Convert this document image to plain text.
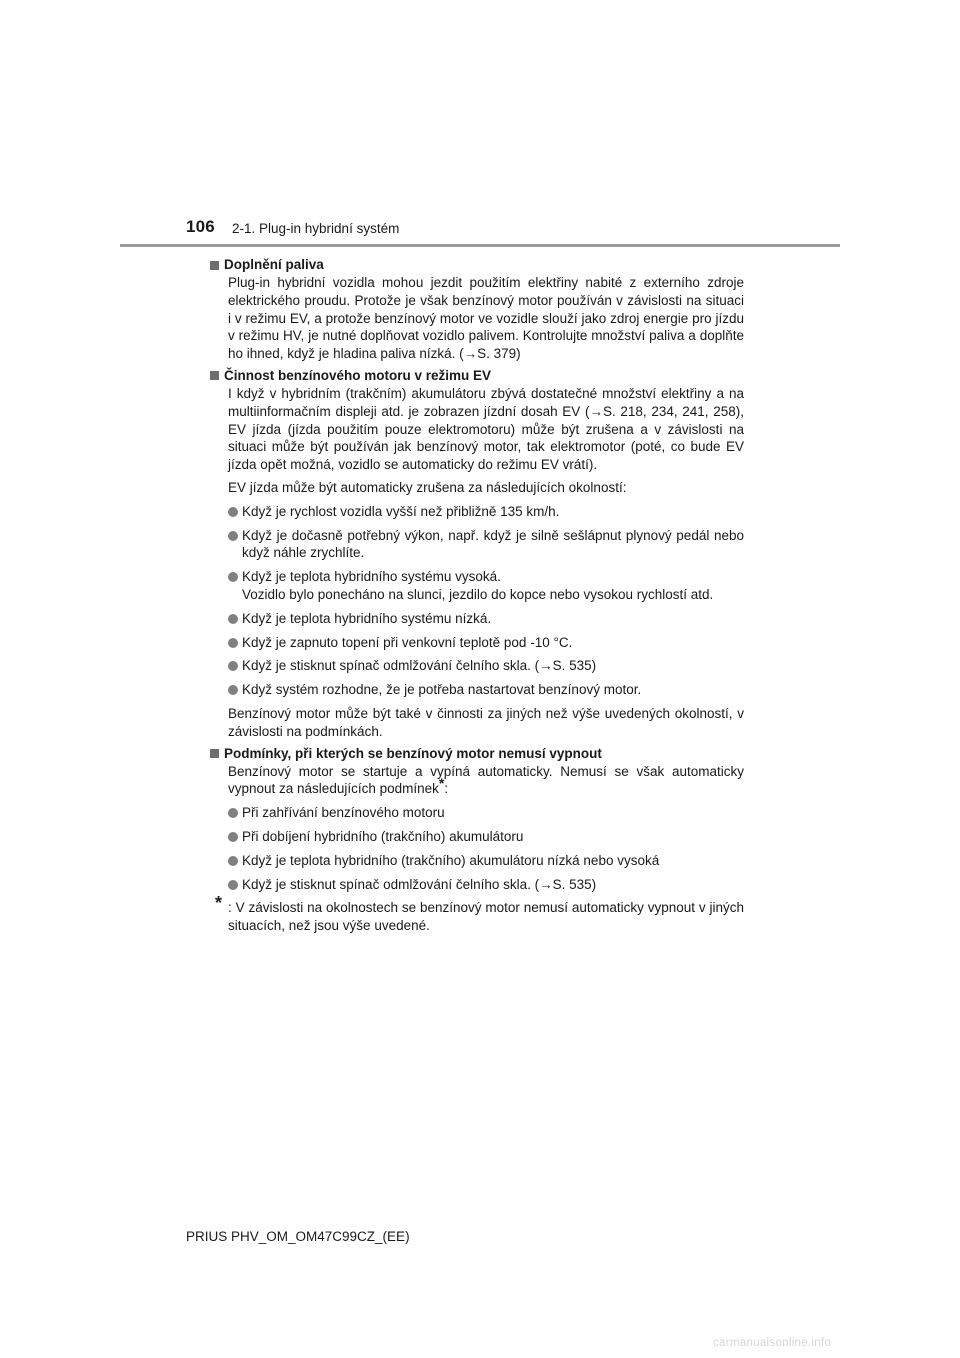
106 2-1. Plug-in hybridní systém
Doplnění paliva

Plug-in hybridní vozidla mohou jezdit použitím elektřiny nabité z externího zdroje elektrického proudu. Protože je však benzínový motor používán v závislosti na situaci i v režimu EV, a protože benzínový motor ve vozidle slouží jako zdroj energie pro jízdu v režimu HV, je nutné doplňovat vozidlo palivem. Kontrolujte množství paliva a doplňte ho ihned, když je hladina paliva nízká. (→S. 379)

Činnost benzínového motoru v režimu EV

I když v hybridním (trakčním) akumulátoru zbývá dostatečné množství elektřiny a na multiinformačním displeji atd. je zobrazen jízdní dosah EV (→S. 218, 234, 241, 258), EV jízda (jízda použitím pouze elektromotoru) může být zrušena a v závislosti na situaci může být používán jak benzínový motor, tak elektromotor (poté, co bude EV jízda opět možná, vozidlo se automaticky do režimu EV vrátí).

EV jízda může být automaticky zrušena za následujících okolností:

Když je rychlost vozidla vyšší než přibližně 135 km/h.
Když je dočasně potřebný výkon, např. když je silně sešlápnut plynový pedál nebo když náhle zrychlíte.
Když je teplota hybridního systému vysoká.
Vozidlo bylo ponecháno na slunci, jezdilo do kopce nebo vysokou rychlostí atd.
Když je teplota hybridního systému nízká.
Když je zapnuto topení při venkovní teplotě pod -10 °C.
Když je stisknut spínač odmlžování čelního skla. (→S. 535)
Když systém rozhodne, že je potřeba nastartovat benzínový motor.

Benzínový motor může být také v činnosti za jiných než výše uvedených okolností, v závislosti na podmínkách.

Podmínky, při kterých se benzínový motor nemusí vypnout

Benzínový motor se startuje a vypíná automaticky. Nemusí se však automaticky vypnout za následujících podmínek*:

Při zahřívání benzínového motoru
Při dobíjení hybridního (trakčního) akumulátoru
Když je teplota hybridního (trakčního) akumulátoru nízká nebo vysoká
Když je stisknut spínač odmlžování čelního skla. (→S. 535)
* : V závislosti na okolnostech se benzínový motor nemusí automaticky vypnout v jiných situacích, než jsou výše uvedené.
PRIUS PHV_OM_OM47C99CZ_(EE)
carmanualsonline.info
